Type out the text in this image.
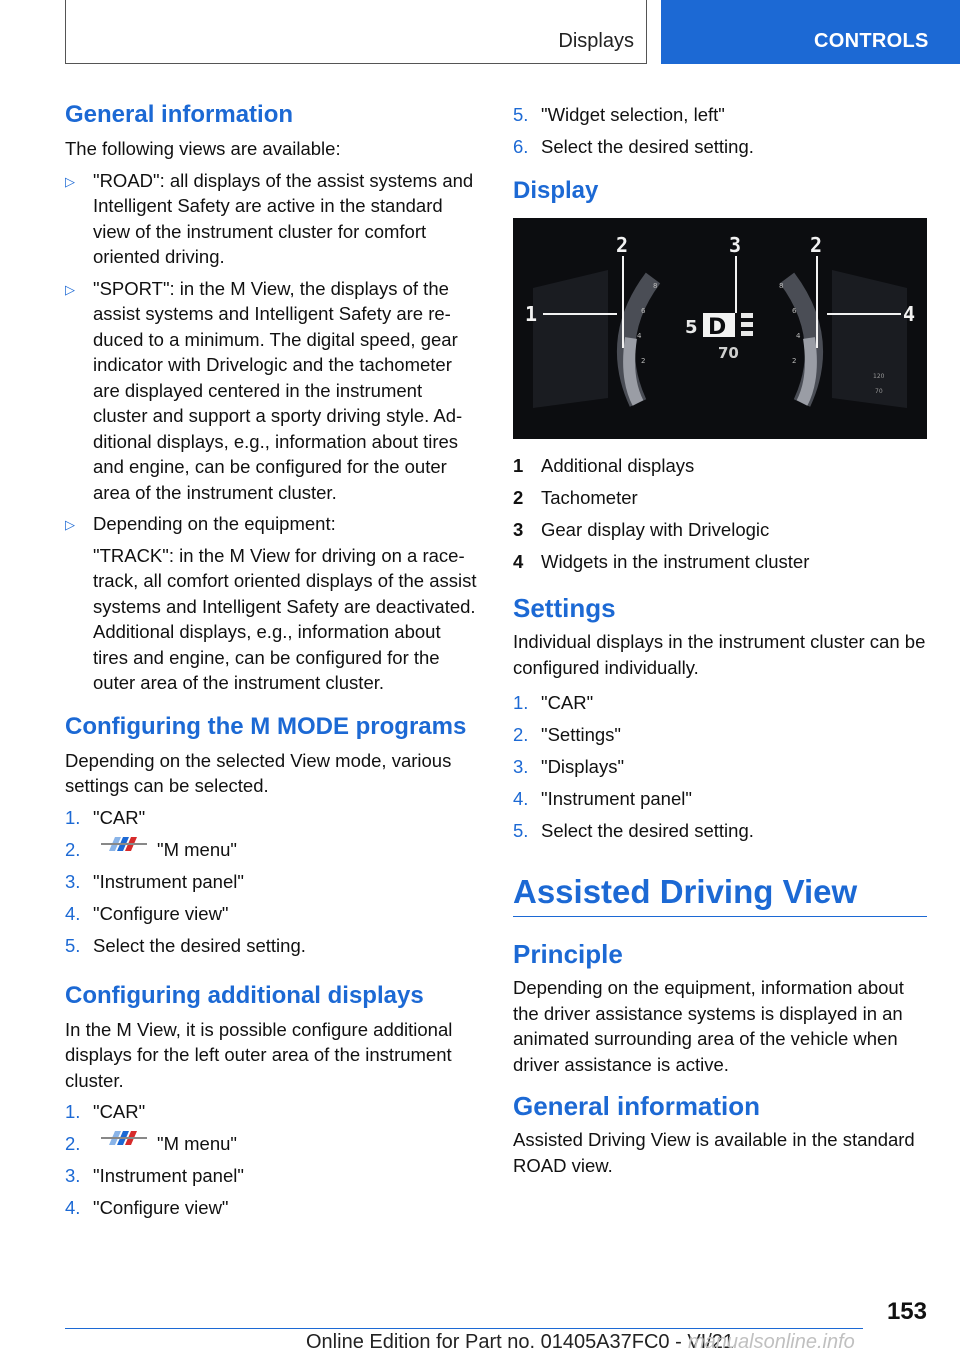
Displays	CONTROLS
General information

The following views are available:

▷ "ROAD": all displays of the assist systems and Intelligent Safety are active in the standard view of the instrument cluster for comfort oriented driving.

▷ "SPORT": in the M View, the displays of the assist systems and Intelligent Safety are reduced to a minimum. The digital speed, gear indicator with Drivelogic and the tachometer are displayed centered in the instrument cluster and support a sporty driving style. Additional displays, e.g., information about tires and engine, can be configured for the outer area of the instrument cluster.

▷ Depending on the equipment:

"TRACK": in the M View for driving on a racetrack, all comfort oriented displays of the assist systems and Intelligent Safety are deactivated. Additional displays, e.g., information about tires and engine, can be configured for the outer area of the instrument cluster.

Configuring the M MODE programs

Depending on the selected View mode, various settings can be selected.

1. "CAR"
2.	"M menu"
3. "Instrument panel"
4. "Configure view"
5. Select the desired setting.
Configuring additional displays

In the M View, it is possible configure additional displays for the left outer area of the instrument cluster.

1. "CAR"
2.	"M menu"
3. "Instrument panel"
4. "Configure view"
5. "Widget selection, left"
6. Select the desired setting.
Display
8
6
4
2
8
6
4
2
120
70
5 D
70
1
2	3	2
4
1 Additional displays
2 Tachometer
3 Gear display with Drivelogic
4 Widgets in the instrument cluster
Settings

Individual displays in the instrument cluster can be configured individually.

1. "CAR"
2. "Settings"
3. "Displays"
4. "Instrument panel"
5. Select the desired setting.
Assisted Driving View
Principle

Depending on the equipment, information about the driver assistance systems is displayed in an animated surrounding area of the vehicle when driver assistance is active.

General information

Assisted Driving View is available in the standard ROAD view.

153
Online Edition for Part no. 01405A37FC0 - VI/21
manualsonline.info
